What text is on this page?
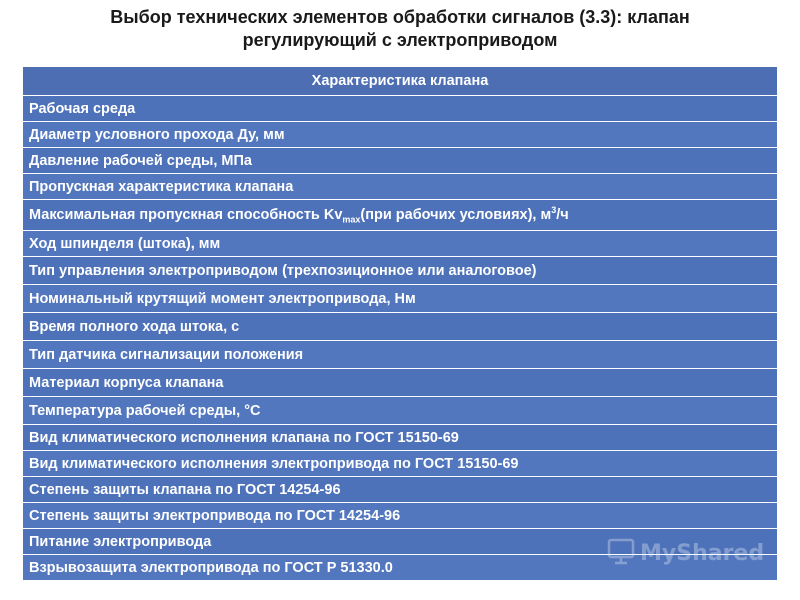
Выбор технических элементов обработки сигналов (3.3): клапан
регулирующий с электроприводом
Характеристика клапана
Рабочая среда
Диаметр условного прохода Ду, мм
Давление рабочей среды, МПа
Пропускная характеристика клапана
Максимальная пропускная способность $Kv_{max}(при$ рабочих условиях), $м^3/ч$
Ход шпинделя (штока), мм
Тип управления электроприводом (трехпозиционное или аналоговое)
Номинальный крутящий момент электропривода, Нм
Время полного хода штока, с
Тип датчика сигнализации положения
Материал корпуса клапана
Температура рабочей среды, °С
Вид климатического исполнения клапана по ГОСТ 15150-69
Вид климатического исполнения электропривода по ГОСТ 15150-69
Степень защиты клапана по ГОСТ 14254-96
Степень защиты электропривода по ГОСТ 14254-96
Питание электропривода
Взрывозащита электропривода по ГОСТ Р 51330.0
MyShared
